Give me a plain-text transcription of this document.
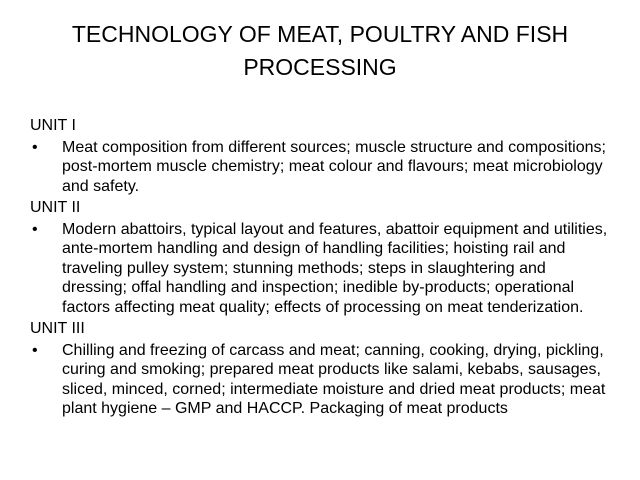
TECHNOLOGY OF MEAT, POULTRY AND FISH
PROCESSING
UNIT I
• Meat composition from different sources; muscle structure and compositions; post-mortem muscle chemistry; meat colour and flavours; meat microbiology and safety.
UNIT II
• Modern abattoirs, typical layout and features, abattoir equipment and utilities, ante-mortem handling and design of handling facilities; hoisting rail and traveling pulley system; stunning methods; steps in slaughtering and dressing; offal handling and inspection; inedible by-products; operational factors affecting meat quality; effects of processing on meat tenderization.
UNIT III
• Chilling and freezing of carcass and meat; canning, cooking, drying, pickling, curing and smoking; prepared meat products like salami, kebabs, sausages, sliced, minced, corned; intermediate moisture and dried meat products; meat plant hygiene – GMP and HACCP. Packaging of meat products
